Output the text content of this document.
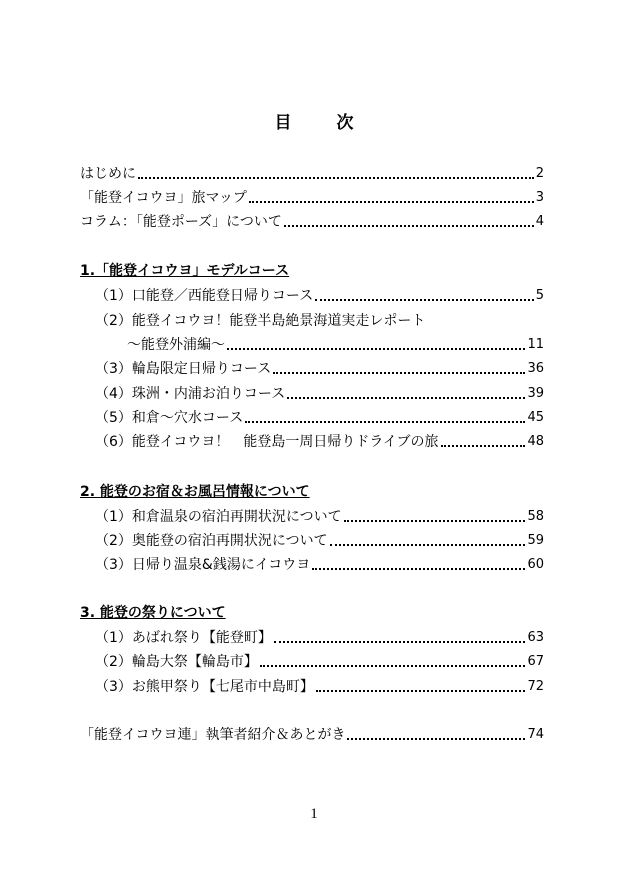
目　次
はじめに	2
「能登イコウヨ」旅マップ	3
コラム：「能登ポーズ」について	4
1.「能登イコウヨ」モデルコース
（1）口能登／西能登日帰りコース	5
（2）能登イコウヨ！能登半島絶景海道実走レポート
～能登外浦編～	11
（3）輪島限定日帰りコース	36
（4）珠洲・内浦お泊りコース	39
（5）和倉～穴水コース	45
（6）能登イコウヨ！　能登島一周日帰りドライブの旅	48
2. 能登のお宿＆お風呂情報について
（1）和倉温泉の宿泊再開状況について	58
（2）奥能登の宿泊再開状況について	59
（3）日帰り温泉&銭湯にイコウヨ	60
3. 能登の祭りについて
（1）あばれ祭り【能登町】	63
（2）輪島大祭【輪島市】	67
（3）お熊甲祭り【七尾市中島町】	72
「能登イコウヨ連」執筆者紹介＆あとがき	74
1
